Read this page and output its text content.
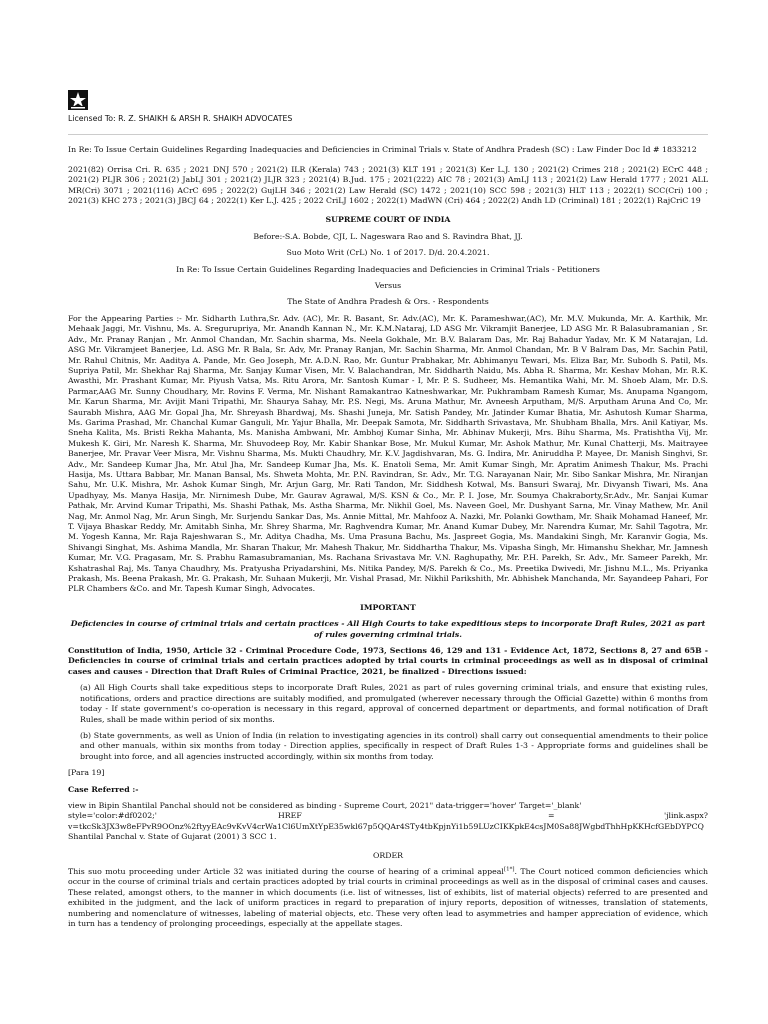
Licensed To: R. Z. SHAIKH & ARSH R. SHAIKH ADVOCATES

In Re: To Issue Certain Guidelines Regarding Inadequacies and Deficiencies in Criminal Trials v. State of Andhra Pradesh (SC) : Law Finder Doc Id # 1833212

2021(82) Orrisa Cri. R. 635 ; 2021 DNJ 570 ; 2021(2) ILR (Kerala) 743 ; 2021(3) KLT 191 ; 2021(3) Ker L.J. 130 ; 2021(2) Crimes 218 ; 2021(2) ECrC 448 ; 2021(2) PLJR 306 ; 2021(2) JabLJ 301 ; 2021(2) JLJR 323 ; 2021(4) B.Jud. 175 ; 2021(222) AIC 78 ; 2021(3) AmLJ 113 ; 2021(2) Law Herald 1777 ; 2021 ALL MR(Cri) 3071 ; 2021(116) ACrC 695 ; 2022(2) GujLH 346 ; 2021(2) Law Herald (SC) 1472 ; 2021(10) SCC 598 ; 2021(3) HLT 113 ; 2022(1) SCC(Cri) 100 ; 2021(3) KHC 273 ; 2021(3) JBCJ 64 ; 2022(1) Ker L.J. 425 ; 2022 CriLJ 1602 ; 2022(1) MadWN (Cri) 464 ; 2022(2) Andh LD (Criminal) 181 ; 2022(1) RajCriC 19

SUPREME COURT OF INDIA

Before:-S.A. Bobde, CJI, L. Nageswara Rao and S. Ravindra Bhat, JJ.

Suo Moto Writ (CrL) No. 1 of 2017. D/d. 20.4.2021.

In Re: To Issue Certain Guidelines Regarding Inadequacies and Deficiencies in Criminal Trials - Petitioners

Versus

The State of Andhra Pradesh & Ors. - Respondents

For the Appearing Parties :- Mr. Sidharth Luthra,Sr. Adv. (AC), Mr. R. Basant, Sr. Adv.(AC), Mr. K. Parameshwar,(AC), Mr. M.V. Mukunda, Mr. A. Karthik, Mr. Mehaak Jaggi, Mr. Vishnu, Ms. A. Sregurupriya, Mr. Anandh Kannan N., Mr. K.M.Nataraj, LD ASG Mr. Vikramjit Banerjee, LD ASG Mr. R Balasubramanian , Sr. Adv., Mr. Pranay Ranjan , Mr. Anmol Chandan, Mr. Sachin sharma, Ms. Neela Gokhale, Mr. B.V. Balaram Das, Mr. Raj Bahadur Yadav, Mr. K M Natarajan, Ld. ASG Mr. Vikramjeet Banerjee, Ld. ASG Mr. R Bala, Sr. Adv, Mr. Pranay Ranjan, Mr. Sachin Sharma, Mr. Anmol Chandan, Mr. B V Balram Das, Mr. Sachin Patil, Mr. Rahul Chitnis, Mr. Aaditya A. Pande, Mr. Geo Joseph, Mr. A.D.N. Rao, Mr. Guntur Prabhakar, Mr. Abhimanyu Tewari, Ms. Eliza Bar, Mr. Subodh S. Patil, Ms. Supriya Patil, Mr. Shekhar Raj Sharma, Mr. Sanjay Kumar Visen, Mr. V. Balachandran, Mr. Siddharth Naidu, Ms. Abha R. Sharma, Mr. Keshav Mohan, Mr. R.K. Awasthi, Mr. Prashant Kumar, Mr. Piyush Vatsa, Ms. Ritu Arora, Mr. Santosh Kumar - I, Mr. P. S. Sudheer, Ms. Hemantika Wahi, Mr. M. Shoeb Alam, Mr. D.S. Parmar,AAG Mr. Sunny Choudhary, Mr. Rovins F. Verma, Mr. Nishant Ramakantrao Katneshwarkar, Mr. Pukhrambam Ramesh Kumar, Ms. Anupama Ngangom, Mr. Karun Sharma, Mr. Avijit Mani Tripathi, Mr. Shaurya Sahay, Mr. P.S. Negi, Ms. Aruna Mathur, Mr. Avneesh Arputham, M/S. Arputham Aruna And Co, Mr. Saurabh Mishra, AAG Mr. Gopal Jha, Mr. Shreyash Bhardwaj, Ms. Shashi Juneja, Mr. Satish Pandey, Mr. Jatinder Kumar Bhatia, Mr. Ashutosh Kumar Sharma, Ms. Garima Prashad, Mr. Chanchal Kumar Ganguli, Mr. Yajur Bhalla, Mr. Deepak Samota, Mr. Siddharth Srivastava, Mr. Shubham Bhalla, Mrs. Anil Katiyar, Ms. Sneha Kalita, Ms. Bristi Rekha Mahanta, Ms. Manisha Ambwani, Mr. Ambhoj Kumar Sinha, Mr. Abhinav Mukerji, Mrs. Bihu Sharma, Ms. Pratishtha Vij, Mr. Mukesh K. Giri, Mr. Naresh K. Sharma, Mr. Shuvodeep Roy, Mr. Kabir Shankar Bose, Mr. Mukul Kumar, Mr. Ashok Mathur, Mr. Kunal Chatterji, Ms. Maitrayee Banerjee, Mr. Pravar Veer Misra, Mr. Vishnu Sharma, Ms. Mukti Chaudhry, Mr. K.V. Jagdishvaran, Ms. G. Indira, Mr. Aniruddha P. Mayee, Dr. Manish Singhvi, Sr. Adv., Mr. Sandeep Kumar Jha, Mr. Atul Jha, Mr. Sandeep Kumar Jha, Ms. K. Enatoli Sema, Mr. Amit Kumar Singh, Mr. Apratim Animesh Thakur, Ms. Prachi Hasija, Ms. Uttara Babbar, Mr. Manan Bansal, Ms. Shweta Mohta, Mr. P.N. Ravindran, Sr. Adv., Mr. T.G. Narayanan Nair, Mr. Sibo Sankar Mishra, Mr. Niranjan Sahu, Mr. U.K. Mishra, Mr. Ashok Kumar Singh, Mr. Arjun Garg, Mr. Rati Tandon, Mr. Siddhesh Kotwal, Ms. Bansuri Swaraj, Mr. Divyansh Tiwari, Ms. Ana Upadhyay, Ms. Manya Hasija, Mr. Nirnimesh Dube, Mr. Gaurav Agrawal, M/S. KSN & Co., Mr. P. I. Jose, Mr. Soumya Chakraborty,Sr.Adv., Mr. Sanjai Kumar Pathak, Mr. Arvind Kumar Tripathi, Ms. Shashi Pathak, Ms. Astha Sharma, Mr. Nikhil Goel, Ms. Naveen Goel, Mr. Dushyant Sarna, Mr. Vinay Mathew, Mr. Anil Nag, Mr. Anmol Nag, Mr. Arun Singh, Mr. Surjendu Sankar Das, Ms. Annie Mittal, Mr. Mahfooz A. Nazki, Mr. Polanki Gowtham, Mr. Shaik Mohamad Haneef, Mr. T. Vijaya Bhaskar Reddy, Mr. Amitabh Sinha, Mr. Shrey Sharma, Mr. Raghvendra Kumar, Mr. Anand Kumar Dubey, Mr. Narendra Kumar, Mr. Sahil Tagotra, Mr. M. Yogesh Kanna, Mr. Raja Rajeshwaran S., Mr. Aditya Chadha, Ms. Uma Prasuna Bachu, Ms. Jaspreet Gogia, Ms. Mandakini Singh, Mr. Karanvir Gogia, Ms. Shivangi Singhat, Ms. Ashima Mandla, Mr. Sharan Thakur, Mr. Mahesh Thakur, Mr. Siddhartha Thakur, Ms. Vipasha Singh, Mr. Himanshu Shekhar, Mr. Jamnesh Kumar, Mr. V.G. Pragasam, Mr. S. Prabhu Ramasubramanian, Ms. Rachana Srivastava Mr. V.N. Raghupathy, Mr. P.H. Parekh, Sr. Adv., Mr. Sameer Parekh, Mr. Kshatrashal Raj, Ms. Tanya Chaudhry, Ms. Pratyusha Priyadarshini, Ms. Nitika Pandey, M/S. Parekh & Co., Ms. Preetika Dwivedi, Mr. Jishnu M.L., Ms. Priyanka Prakash, Ms. Beena Prakash, Mr. G. Prakash, Mr. Suhaan Mukerji, Mr. Vishal Prasad, Mr. Nikhil Parikshith, Mr. Abhishek Manchanda, Mr. Sayandeep Pahari, For PLR Chambers &Co. and Mr. Tapesh Kumar Singh, Advocates.

IMPORTANT

Deficiencies in course of criminal trials and certain practices - All High Courts to take expeditious steps to incorporate Draft Rules, 2021 as part of rules governing criminal trials.

Constitution of India, 1950, Article 32 - Criminal Procedure Code, 1973, Sections 46, 129 and 131 - Evidence Act, 1872, Sections 8, 27 and 65B - Deficiencies in course of criminal trials and certain practices adopted by trial courts in criminal proceedings as well as in disposal of criminal cases and causes - Direction that Draft Rules of Criminal Practice, 2021, be finalized - Directions issued:

(a) All High Courts shall take expeditious steps to incorporate Draft Rules, 2021 as part of rules governing criminal trials, and ensure that existing rules, notifications, orders and practice directions are suitably modified, and promulgated (wherever necessary through the Official Gazette) within 6 months from today - If state government's co-operation is necessary in this regard, approval of concerned department or departments, and formal notification of Draft Rules, shall be made within period of six months.

(b) State governments, as well as Union of India (in relation to investigating agencies in its control) shall carry out consequential amendments to their police and other manuals, within six months from today - Direction applies, specifically in respect of Draft Rules 1-3 - Appropriate forms and guidelines shall be brought into force, and all agencies instructed accordingly, within six months from today.

[Para 19]

Case Referred :-

view in Bipin Shantilal Panchal should not be considered as binding - Supreme Court, 2021" data-trigger='hover' Target='_blank'
style='color:#df0202;'	HREF	=	'jlink.aspx?
v=tkcSk3JX3w8eFPvR9OOnz%2ftyyEAc9vKvV4crWa1Cl6UmXtYpE35wkl67p5QQAr4STy4tbKpjnYi1b59LUzCIKKpkE4csJM0Sa88JWgbdThhHpKKHcfGEbDYPCQ
Shantilal Panchal v. State of Gujarat (2001) 3 SCC 1.

ORDER

This suo motu proceeding under Article 32 was initiated during the course of hearing of a criminal appeal[1*]. The Court noticed common deficiencies which occur in the course of criminal trials and certain practices adopted by trial courts in criminal proceedings as well as in the disposal of criminal cases and causes. These related, amongst others, to the manner in which documents (i.e. list of witnesses, list of exhibits, list of material objects) referred to are presented and exhibited in the judgment, and the lack of uniform practices in regard to preparation of injury reports, deposition of witnesses, translation of statements, numbering and nomenclature of witnesses, labeling of material objects, etc. These very often lead to asymmetries and hamper appreciation of evidence, which in turn has a tendency of prolonging proceedings, especially at the appellate stages.
